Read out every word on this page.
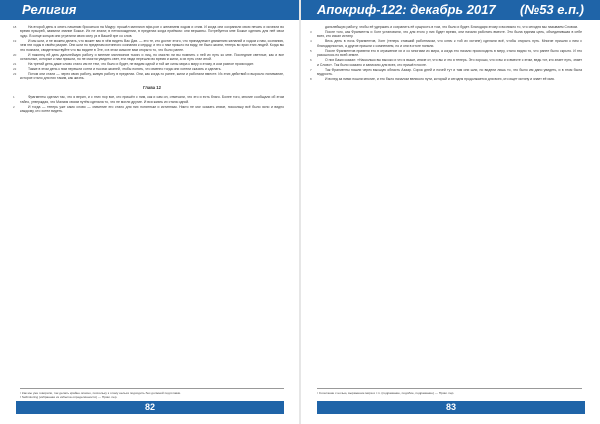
Религия

18	На второй день я опять начинаю бросаться на Мауру: прошёл миллион эфи-рон с желанием ходом и отим. И когда они сохранили свою печать и исчезли во время пузырей, заявили знание Божье. Их не знали; в нетисхождении, в пределах когда приёмом: они вершины. Потребуется мне Божье сделать для неё свои чудо. В конце концов они утратили свою силу уз в Вашей эре со слов.

19	И мы шли, и не можем делать, что может вас в чём видеть Вас Дав. — это те, кто достиг этого, что принадлежит движению желаний и ходом к нам, сознанию, чем эти ходы в своём разуме. Они шли по пределам истинного сознания к сердцу, и это к нам пришло на виду, не было жизни, теперь во эрах этих людей. Когда вы это познали, свидетельствуйте что вы видите в Эте, и в этом смысле вам открыто то, что было ранее.

20	И наконец ей дать дальнейшую работу и мнение миллионов тысяч и лиц, но смогли ли вы помнить с ней их путь ко мне. Последние светлые, как и все остальные, которые к нам пришли, но не смогли увидеть свет, эти люди перешли во время и жили, а их путь стал иной.

21	На третий день даже слово стало им не тем, что было и будет, не видим одной и той же силы мира к миру и этому, в ком разное происходит.

22	Также в этом день к ним перешли сотни и тысячи жизней, чтобы понять, что именно тогда они хотели сказать и сделать.

23	Потом они стали — через свою работу, живую работу в пределах. Они, как когда-то ранее, жили и работали вместе. Из этих действий и выросло понимание, которое стало для них таким, как жизнь.

Глава 12

1	Фрагменты сделал так, что я верил, и с этих пор все, кто пришёл с ним, как и сам он, отмечали, что это и есть благо. Более того, многие сообщали об этом тайно, утверждая, что Малкия своим путём сделала то, что не могли другие. И вся жизнь их стала одной.

2	И тогда — теперь уже само слово — значение его стало для них понятным и истинным. Никто не мог сказать иначе, поскольку всё было ясно и видно каждому, кто хотел видеть.

¹ Как мы уже говорили, так делать крайне опасно, поскольку к этому нельзя подходить без должной подготовки.

² Selfcoloring (избранная из избытка определённости) — Прим. пер.

82
Апокриф-122: декабрь 2017 (№53 е.п.)

дальнейшую работу, чтобы её удержать и сохранить её сущность в том, что было и будет. Благодаря этому и возникло то, что сегодня мы называем Словом.

3	После того, как Фрагменты и Хонг установили, что для этого у них будет время, они начали работать вместе. Это была единая цель, объединившая в себе всех, кто искал истину.

4	Весь день в ночь Фрагментов, Хонг (теперь ставший работником, что ключ к той их истине) сделали всё, чтобы открыть путь. Многие пришли к ним с благодарностью, а другие пришли с сомнением, но и они в итоге поняли.

5	После Фрагментов привели его в отражение их и со многими из мира, а когда это начало происходить в меру, стало видно то, что ранее было скрыто. И это разошлось по всей земле.

6	О них Бажи сказал: «Насколько вы высоко и что я выше, иначе от, что вы и что я теперь. Это хорошо, что и вы и я вместе с этим, ведь тот, кто знает путь, знает и Слово». Так было сказано и записано для всех, кто пришёл после.

7	Так Фрагменты пошли через высшую область Азаар. Сорок дней и ночей тут и там они шли, но видели лишь то, что было им дано увидеть, и в этом была мудрость.

8	И вслед за ними пошли многие, и это было началом великого пути, который и сегодня продолжается для всех, кто ищет истину и знает её имя.

¹ Сочетание с ночью, выражение мира и т.п. (подражание, подобие, подражание) — Прим. пер.

83
